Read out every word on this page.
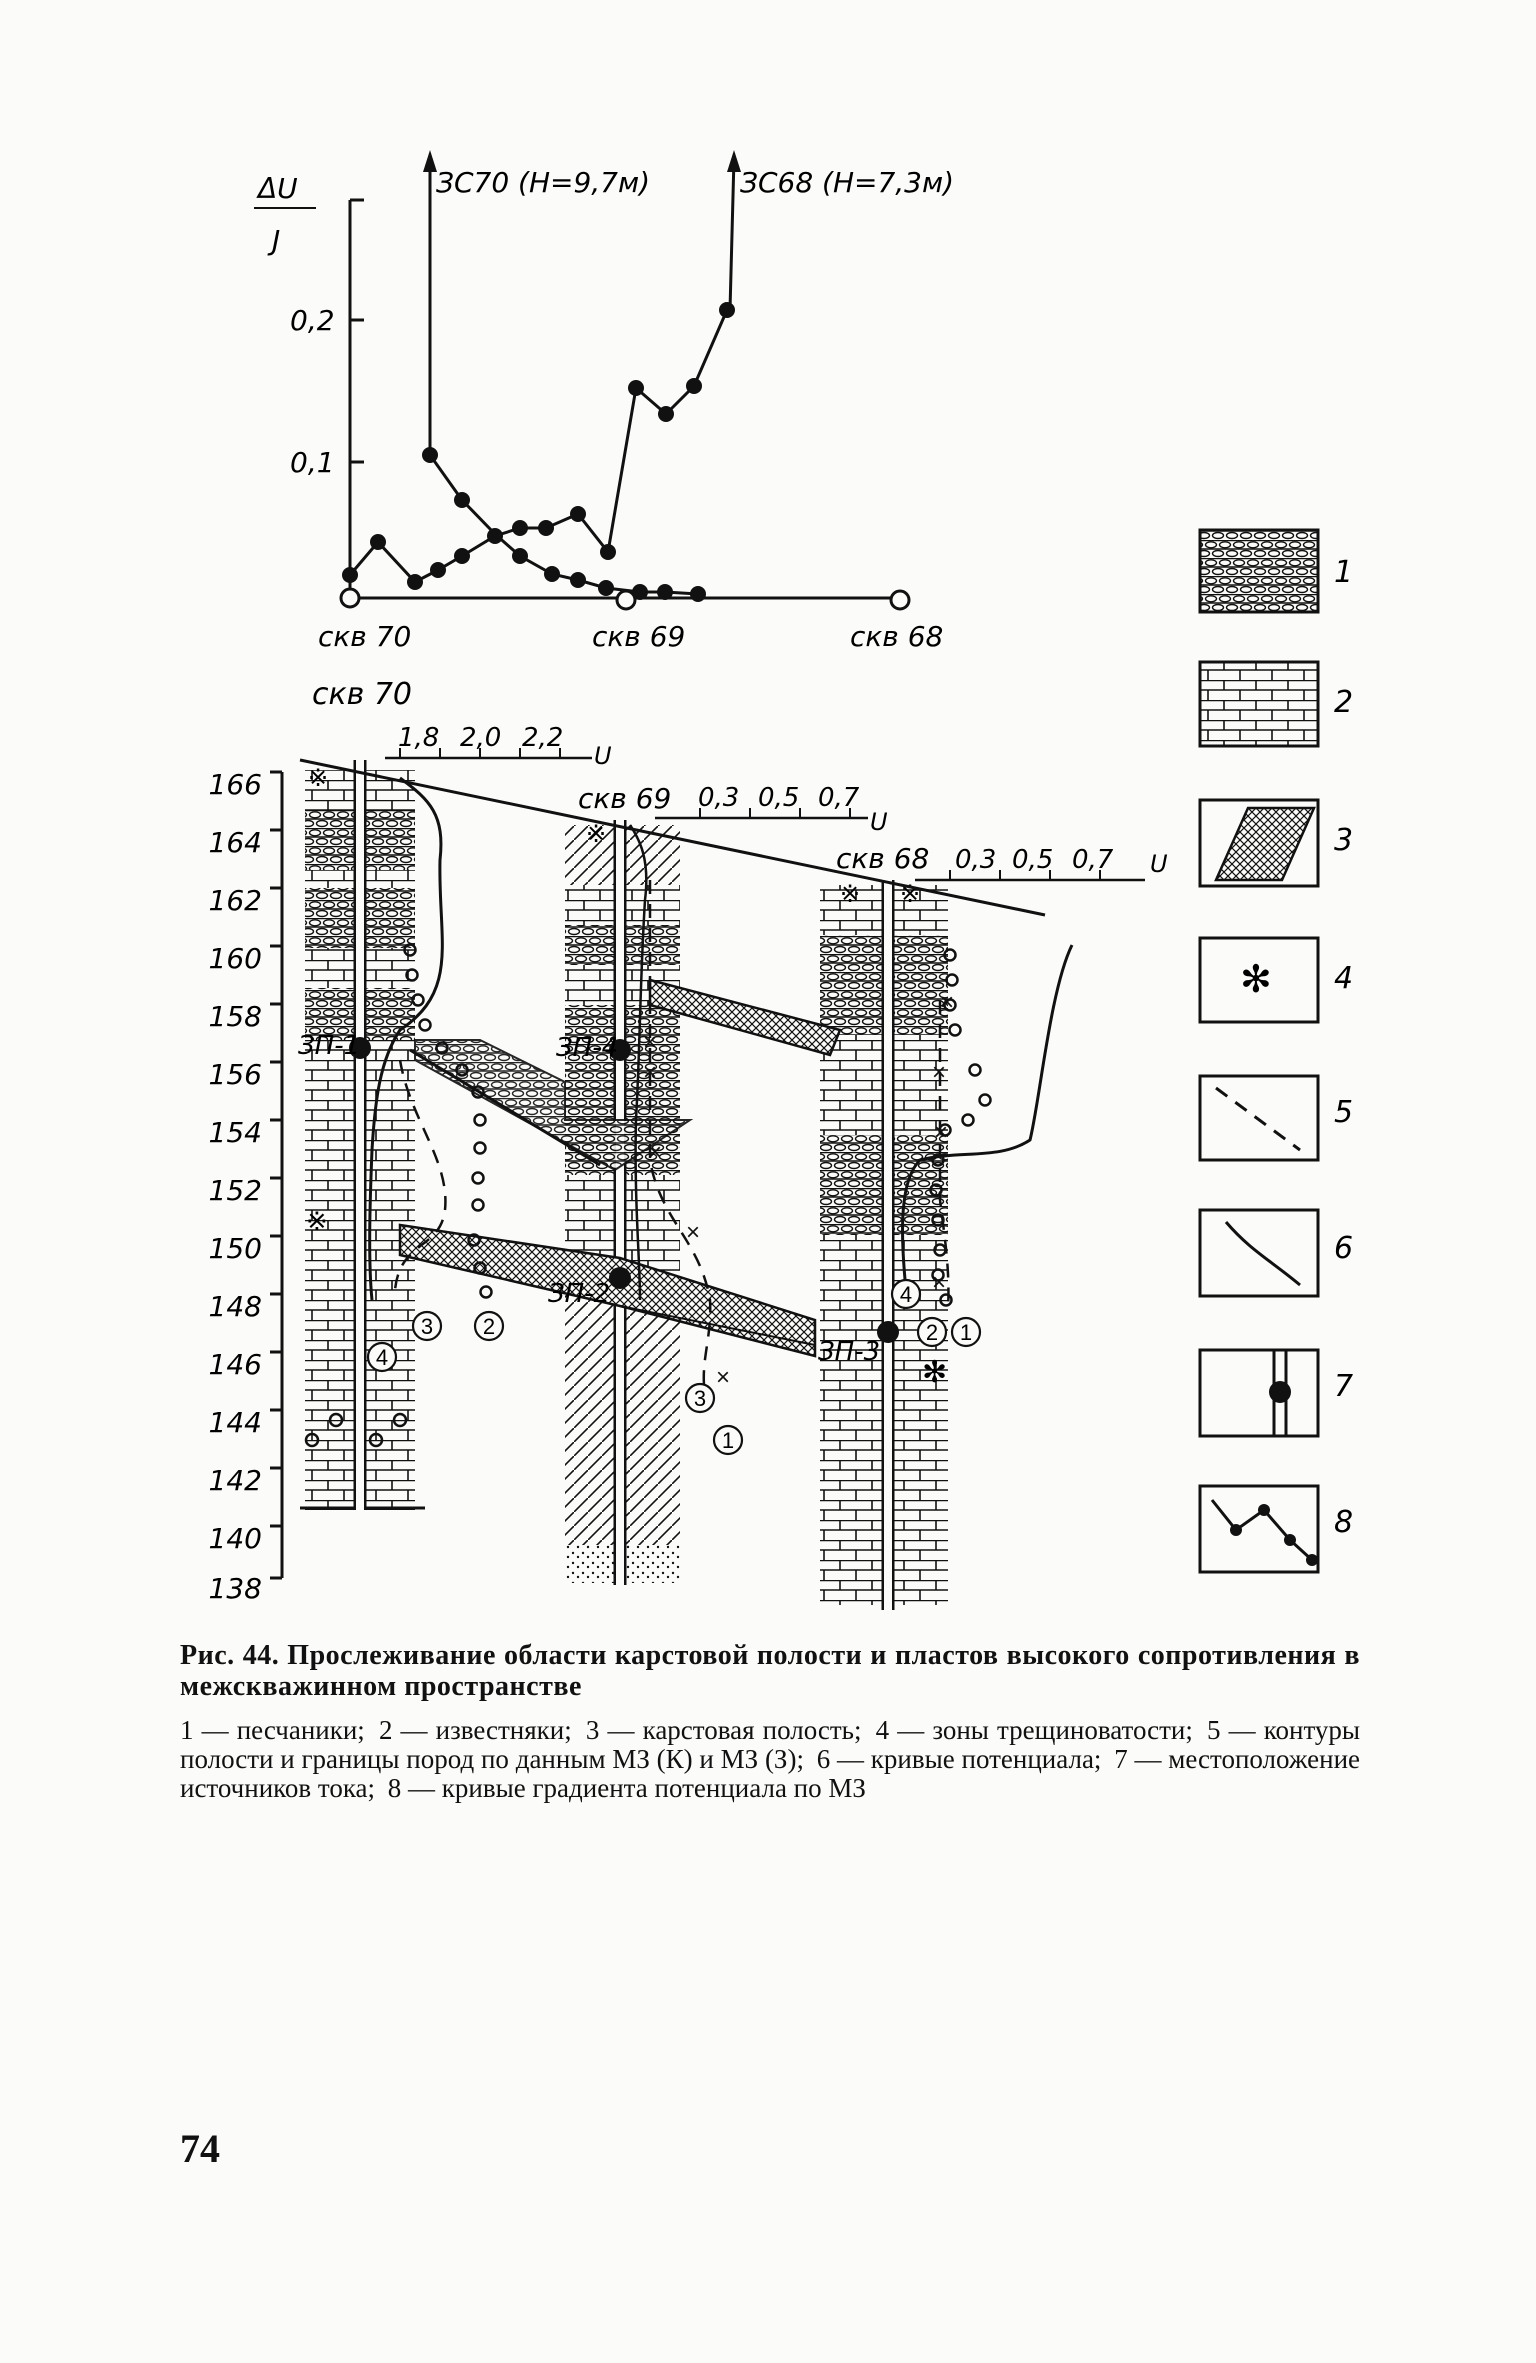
ΔU
J
0,2
0,1
скв 70	скв 69	скв 68
ЗС70 (H=9,7м)	ЗС68 (H=7,3м)
166
164
162
160
158
156
154
152
150
148
146
144
142
140
138
※
※
※
※ ※
✻
×
×
×
×
×
×
×
×
×
ЗП-1	ЗП-4
ЗП-2
ЗП-3
3 2
4
3
1
4
2 1
скв 70
1,8 2,0 2,2
U
скв 69 0,3 0,5 0,7
U
скв 68 0,3 0,5 0,7 U
1
2
3
✻ 4
5
6
7
8
Рис. 44. Прослеживание области карстовой полости и пластов высокого сопротивления в межскважинном пространстве
1 — песчаники; 2 — известняки; 3 — карстовая полость; 4 — зоны трещиноватости; 5 — контуры полости и границы пород по данным МЗ (К) и МЗ (З); 6 — кривые потенциала; 7 — местоположение источников тока; 8 — кривые градиента потенциала по МЗ
74
